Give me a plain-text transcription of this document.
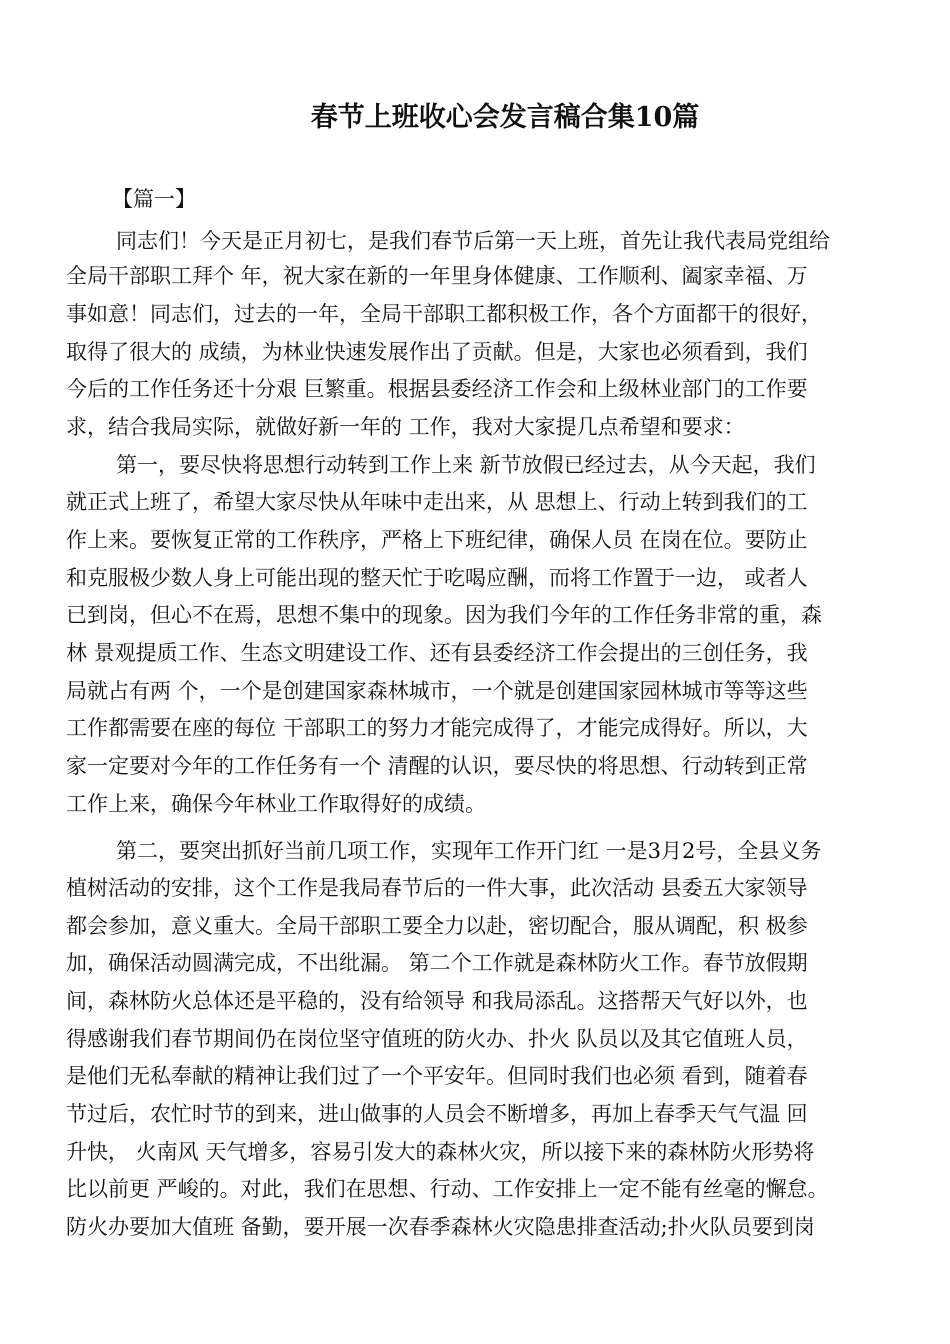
春节上班收心会发言稿合集10篇
【篇一】
同志们！今天是正月初七，是我们春节后第一天上班，首先让我代表局党组给
全局干部职工拜个 年，祝大家在新的一年里身体健康、工作顺利、阖家幸福、万
事如意！同志们，过去的一年，全局干部职工都积极工作，各个方面都干的很好，
取得了很大的 成绩，为林业快速发展作出了贡献。但是，大家也必须看到，我们
今后的工作任务还十分艰 巨繁重。根据县委经济工作会和上级林业部门的工作要
求，结合我局实际，就做好新一年的 工作，我对大家提几点希望和要求：
第一，要尽快将思想行动转到工作上来 新节放假已经过去，从今天起，我们
就正式上班了，希望大家尽快从年味中走出来，从 思想上、行动上转到我们的工
作上来。要恢复正常的工作秩序，严格上下班纪律，确保人员 在岗在位。要防止
和克服极少数人身上可能出现的整天忙于吃喝应酬，而将工作置于一边， 或者人
已到岗，但心不在焉，思想不集中的现象。因为我们今年的工作任务非常的重，森
林 景观提质工作、生态文明建设工作、还有县委经济工作会提出的三创任务，我
局就占有两 个，一个是创建国家森林城市，一个就是创建国家园林城市等等这些
工作都需要在座的每位 干部职工的努力才能完成得了，才能完成得好。所以，大
家一定要对今年的工作任务有一个 清醒的认识，要尽快的将思想、行动转到正常
工作上来，确保今年林业工作取得好的成绩。
第二，要突出抓好当前几项工作，实现年工作开门红 一是3月2号，全县义务
植树活动的安排，这个工作是我局春节后的一件大事，此次活动 县委五大家领导
都会参加，意义重大。全局干部职工要全力以赴，密切配合，服从调配，积 极参
加，确保活动圆满完成，不出纰漏。 第二个工作就是森林防火工作。春节放假期
间，森林防火总体还是平稳的，没有给领导 和我局添乱。这搭帮天气好以外，也
得感谢我们春节期间仍在岗位坚守值班的防火办、扑火 队员以及其它值班人员，
是他们无私奉献的精神让我们过了一个平安年。但同时我们也必须 看到，随着春
节过后，农忙时节的到来，进山做事的人员会不断增多，再加上春季天气气温 回
升快， 火南风 天气增多，容易引发大的森林火灾，所以接下来的森林防火形势将
比以前更 严峻的。对此，我们在思想、行动、工作安排上一定不能有丝毫的懈怠。
防火办要加大值班 备勤，要开展一次春季森林火灾隐患排查活动;扑火队员要到岗
